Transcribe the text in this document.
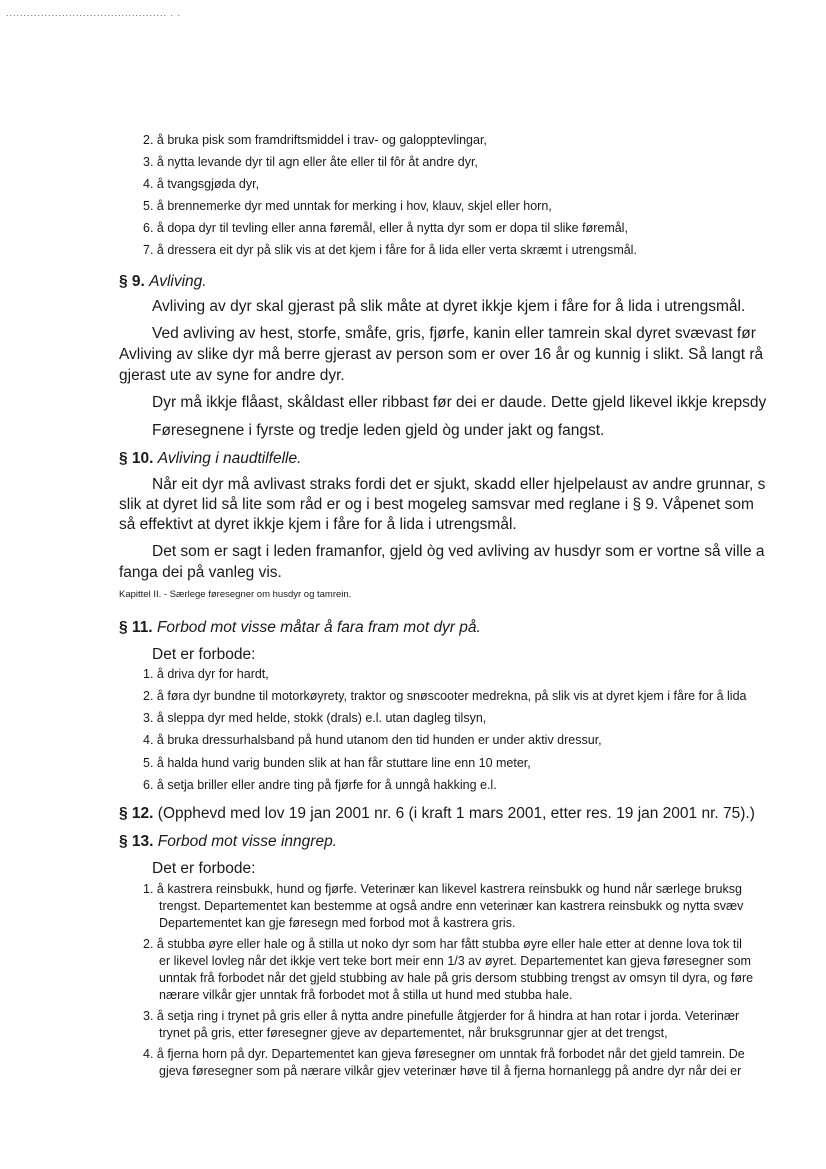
.............................................. . .
2. å bruka pisk som framdriftsmiddel i trav- og galopptevlingar,
3. å nytta levande dyr til agn eller åte eller til fôr åt andre dyr,
4. å tvangsgjøda dyr,
5. å brennemerke dyr med unntak for merking i hov, klauv, skjel eller horn,
6. å dopa dyr til tevling eller anna føremål, eller å nytta dyr som er dopa til slike føremål,
7. å dressera eit dyr på slik vis at det kjem i fåre for å lida eller verta skræmt i utrengsmål.
§ 9. Avliving.
Avliving av dyr skal gjerast på slik måte at dyret ikkje kjem i fåre for å lida i utrengsmål.
Ved avliving av hest, storfe, småfe, gris, fjørfe, kanin eller tamrein skal dyret svævast før
Avliving av slike dyr må berre gjerast av person som er over 16 år og kunnig i slikt. Så langt rå
gjerast ute av syne for andre dyr.
Dyr må ikkje flåast, skåldast eller ribbast før dei er daude. Dette gjeld likevel ikkje krepsdy
Føresegnene i fyrste og tredje leden gjeld òg under jakt og fangst.
§ 10. Avliving i naudtilfelle.
Når eit dyr må avlivast straks fordi det er sjukt, skadd eller hjelpelaust av andre grunnar, s
slik at dyret lid så lite som råd er og i best mogeleg samsvar med reglane i § 9. Våpenet som
så effektivt at dyret ikkje kjem i fåre for å lida i utrengsmål.
Det som er sagt i leden framanfor, gjeld òg ved avliving av husdyr som er vortne så ville a
fanga dei på vanleg vis.
Kapittel II. - Særlege føresegner om husdyr og tamrein.
§ 11. Forbod mot visse måtar å fara fram mot dyr på.
Det er forbode:
1. å driva dyr for hardt,
2. å føra dyr bundne til motorkøyrety, traktor og snøscooter medrekna, på slik vis at dyret kjem i fåre for å lida
3. å sleppa dyr med helde, stokk (drals) e.l. utan dagleg tilsyn,
4. å bruka dressurhalsband på hund utanom den tid hunden er under aktiv dressur,
5. å halda hund varig bunden slik at han får stuttare line enn 10 meter,
6. å setja briller eller andre ting på fjørfe for å unngå hakking e.l.
§ 12. (Opphevd med lov 19 jan 2001 nr. 6 (i kraft 1 mars 2001, etter res. 19 jan 2001 nr. 75).)
§ 13. Forbod mot visse inngrep.
Det er forbode:
1. å kastrera reinsbukk, hund og fjørfe. Veterinær kan likevel kastrera reinsbukk og hund når særlege bruksg
trengst. Departementet kan bestemme at også andre enn veterinær kan kastrera reinsbukk og nytta svæv
Departementet kan gje føresegn med forbod mot å kastrera gris.
2. å stubba øyre eller hale og å stilla ut noko dyr som har fått stubba øyre eller hale etter at denne lova tok til
er likevel lovleg når det ikkje vert teke bort meir enn 1/3 av øyret. Departementet kan gjeva føresegner som
unntak frå forbodet når det gjeld stubbing av hale på gris dersom stubbing trengst av omsyn til dyra, og føre
nærare vilkår gjer unntak frå forbodet mot å stilla ut hund med stubba hale.
3. å setja ring i trynet på gris eller å nytta andre pinefulle åtgjerder for å hindra at han rotar i jorda. Veterinær
trynet på gris, etter føresegner gjeve av departementet, når bruksgrunnar gjer at det trengst,
4. å fjerna horn på dyr. Departementet kan gjeva føresegner om unntak frå forbodet når det gjeld tamrein. De
gjeva føresegner som på nærare vilkår gjev veterinær høve til å fjerna hornanlegg på andre dyr når dei er
